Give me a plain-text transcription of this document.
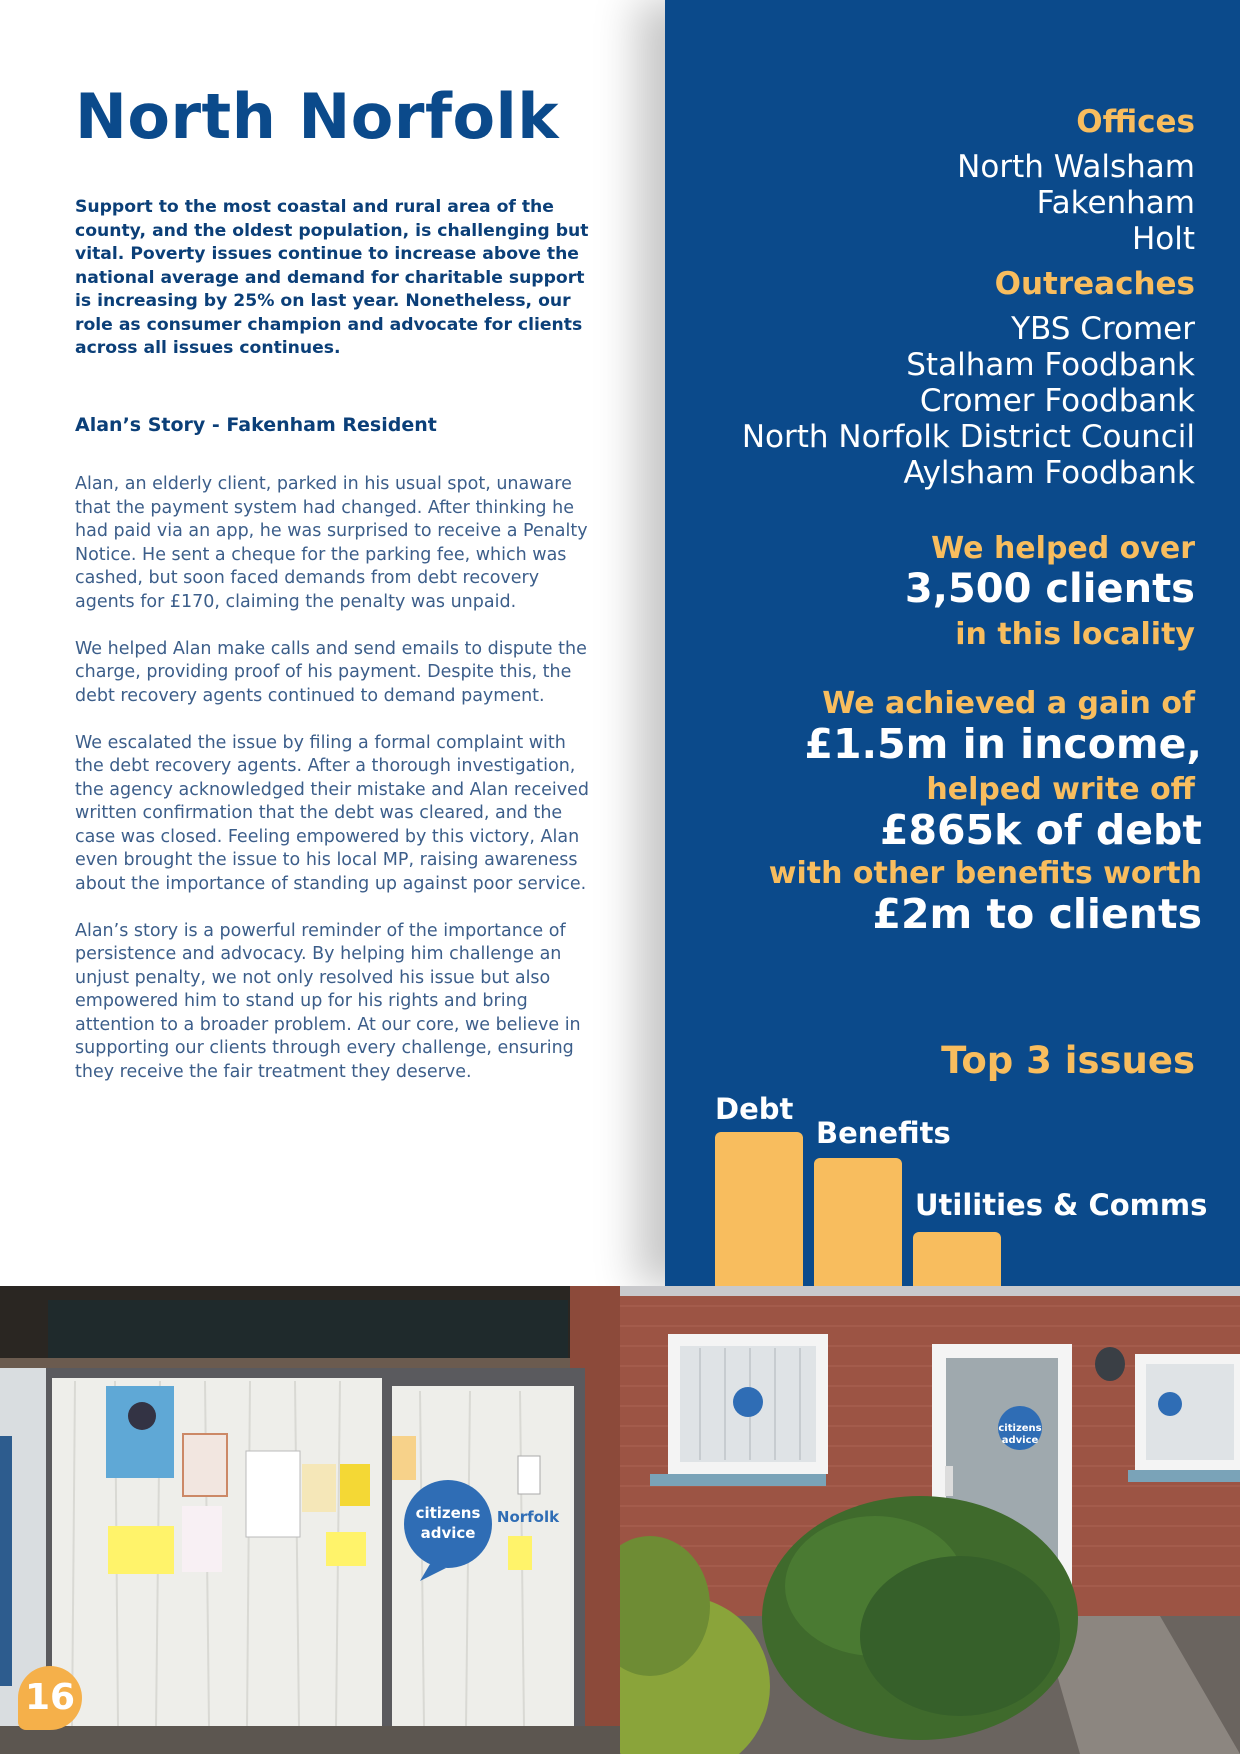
North Norfolk

Support to the most coastal and rural area of the county, and the oldest population, is challenging but vital. Poverty issues continue to increase above the national average and demand for charitable support is increasing by 25% on last year. Nonetheless, our role as consumer champion and advocate for clients across all issues continues.

Alan’s Story - Fakenham Resident

Alan, an elderly client, parked in his usual spot, unaware that the payment system had changed. After thinking he had paid via an app, he was surprised to receive a Penalty Notice. He sent a cheque for the parking fee, which was cashed, but soon faced demands from debt recovery agents for £170, claiming the penalty was unpaid.

We helped Alan make calls and send emails to dispute the charge, providing proof of his payment. Despite this, the debt recovery agents continued to demand payment.

We escalated the issue by filing a formal complaint with the debt recovery agents. After a thorough investigation, the agency acknowledged their mistake and Alan received written confirmation that the debt was cleared, and the case was closed. Feeling empowered by this victory, Alan even brought the issue to his local MP, raising awareness about the importance of standing up against poor service.

Alan’s story is a powerful reminder of the importance of persistence and advocacy. By helping him challenge an unjust penalty, we not only resolved his issue but also empowered him to stand up for his rights and bring attention to a broader problem. At our core, we believe in supporting our clients through every challenge, ensuring they receive the fair treatment they deserve.

Offices
North Walsham
Fakenham
Holt
Outreaches
YBS Cromer
Stalham Foodbank
Cromer Foodbank
North Norfolk District Council
Aylsham Foodbank

We helped over

3,500 clients

in this locality

We achieved a gain of

£1.5m in income,

helped write off

£865k of debt

with other benefits worth

£2m to clients

Top 3 issues
Debt
Benefits
Utilities & Comms
citizens
advice
Norfolk
citizens
advice
16
